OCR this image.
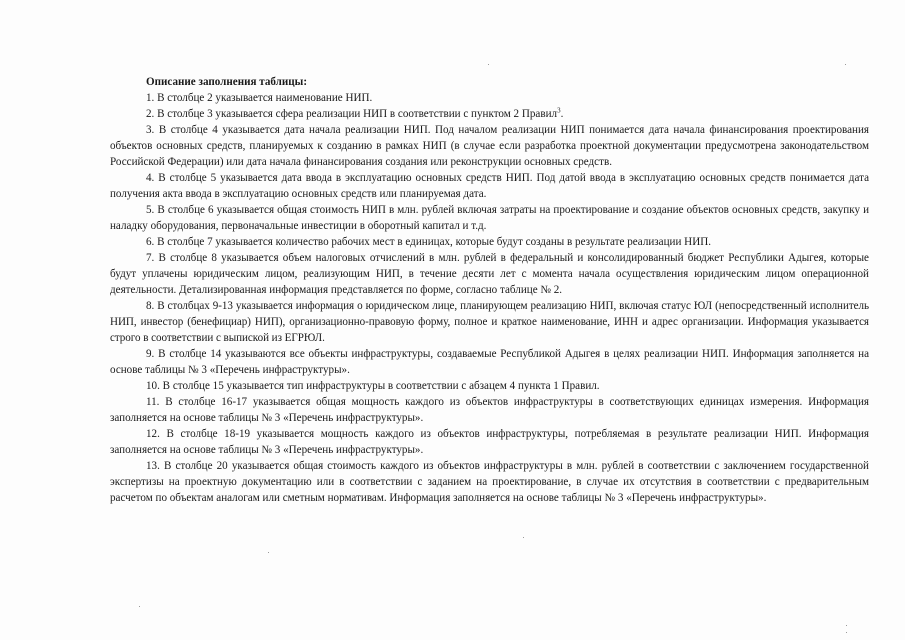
Описание заполнения таблицы:

1. В столбце 2 указывается наименование НИП.

2. В столбце 3 указывается сфера реализации НИП в соответствии с пунктом 2 Правил$^3$.

3. В столбце 4 указывается дата начала реализации НИП. Под началом реализации НИП понимается дата начала финансирования проектирования объектов основных средств, планируемых к созданию в рамках НИП (в случае если разработка проектной документации предусмотрена законодательством Российской Федерации) или дата начала финансирования создания или реконструкции основных средств.

4. В столбце 5 указывается дата ввода в эксплуатацию основных средств НИП. Под датой ввода в эксплуатацию основных средств понимается дата получения акта ввода в эксплуатацию основных средств или планируемая дата.

5. В столбце 6 указывается общая стоимость НИП в млн. рублей включая затраты на проектирование и создание объектов основных средств, закупку и наладку оборудования, первоначальные инвестиции в оборотный капитал и т.д.

6. В столбце 7 указывается количество рабочих мест в единицах, которые будут созданы в результате реализации НИП.

7. В столбце 8 указывается объем налоговых отчислений в млн. рублей в федеральный и консолидированный бюджет Республики Адыгея, которые будут уплачены юридическим лицом, реализующим НИП, в течение десяти лет с момента начала осуществления юридическим лицом операционной деятельности. Детализированная информация представляется по форме, согласно таблице № 2.

8. В столбцах 9-13 указывается информация о юридическом лице, планирующем реализацию НИП, включая статус ЮЛ (непосредственный исполнитель НИП, инвестор (бенефициар) НИП), организационно-правовую форму, полное и краткое наименование, ИНН и адрес организации. Информация указывается строго в соответствии с выпиской из ЕГРЮЛ.

9. В столбце 14 указываются все объекты инфраструктуры, создаваемые Республикой Адыгея в целях реализации НИП. Информация заполняется на основе таблицы № 3 «Перечень инфраструктуры».

10. В столбце 15 указывается тип инфраструктуры в соответствии с абзацем 4 пункта 1 Правил.

11. В столбце 16-17 указывается общая мощность каждого из объектов инфраструктуры в соответствующих единицах измерения. Информация заполняется на основе таблицы № 3 «Перечень инфраструктуры».

12. В столбце 18-19 указывается мощность каждого из объектов инфраструктуры, потребляемая в результате реализации НИП. Информация заполняется на основе таблицы № 3 «Перечень инфраструктуры».

13. В столбце 20 указывается общая стоимость каждого из объектов инфраструктуры в млн. рублей в соответствии с заключением государственной экспертизы на проектную документацию или в соответствии с заданием на проектирование, в случае их отсутствия в соответствии с предварительным расчетом по объектам аналогам или сметным нормативам. Информация заполняется на основе таблицы № 3 «Перечень инфраструктуры».
